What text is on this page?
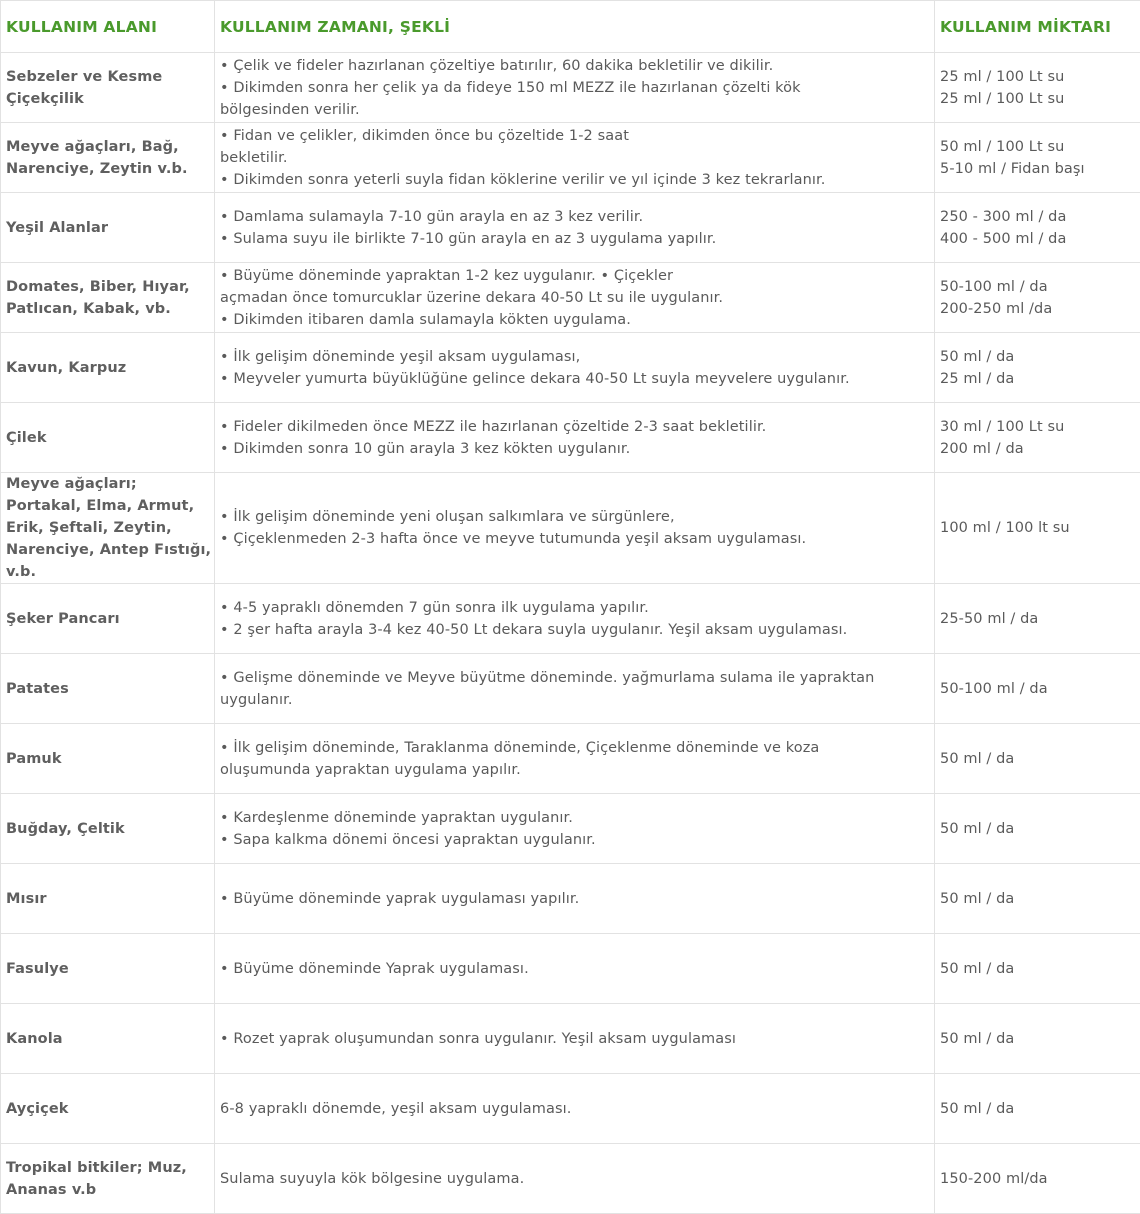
KULLANIM ALANI	KULLANIM ZAMANI, ŞEKLİ	KULLANIM MİKTARI

Sebzeler ve Kesme
Çiçekçilik	• Çelik ve fideler hazırlanan çözeltiye batırılır, 60 dakika bekletilir ve dikilir.
• Dikimden sonra her çelik ya da fideye 150 ml MEZZ ile hazırlanan çözelti kök
bölgesinden verilir.	25 ml / 100 Lt su
25 ml / 100 Lt su

Meyve ağaçları, Bağ,
Narenciye, Zeytin v.b.	• Fidan ve çelikler, dikimden önce bu çözeltide 1-2 saat
bekletilir.
• Dikimden sonra yeterli suyla fidan köklerine verilir ve yıl içinde 3 kez tekrarlanır.	50 ml / 100 Lt su
5-10 ml / Fidan başı

Yeşil Alanlar	• Damlama sulamayla 7-10 gün arayla en az 3 kez verilir.
• Sulama suyu ile birlikte 7-10 gün arayla en az 3 uygulama yapılır.	250 - 300 ml / da
400 - 500 ml / da

Domates, Biber, Hıyar,
Patlıcan, Kabak, vb.	• Büyüme döneminde yapraktan 1-2 kez uygulanır. • Çiçekler
açmadan önce tomurcuklar üzerine dekara 40-50 Lt su ile uygulanır.
• Dikimden itibaren damla sulamayla kökten uygulama.	50-100 ml / da
200-250 ml /da

Kavun, Karpuz	• İlk gelişim döneminde yeşil aksam uygulaması,
• Meyveler yumurta büyüklüğüne gelince dekara 40-50 Lt suyla meyvelere uygulanır.	50 ml / da
25 ml / da

Çilek	• Fideler dikilmeden önce MEZZ ile hazırlanan çözeltide 2-3 saat bekletilir.
• Dikimden sonra 10 gün arayla 3 kez kökten uygulanır.	30 ml / 100 Lt su
200 ml / da

Meyve ağaçları;
Portakal, Elma, Armut,
Erik, Şeftali, Zeytin,
Narenciye, Antep Fıstığı,
v.b.	• İlk gelişim döneminde yeni oluşan salkımlara ve sürgünlere,
• Çiçeklenmeden 2-3 hafta önce ve meyve tutumunda yeşil aksam uygulaması.	100 ml / 100 lt su

Şeker Pancarı	• 4-5 yapraklı dönemden 7 gün sonra ilk uygulama yapılır.
• 2 şer hafta arayla 3-4 kez 40-50 Lt dekara suyla uygulanır. Yeşil aksam uygulaması.	25-50 ml / da

Patates	• Gelişme döneminde ve Meyve büyütme döneminde. yağmurlama sulama ile yapraktan
uygulanır.	50-100 ml / da

Pamuk	• İlk gelişim döneminde, Taraklanma döneminde, Çiçeklenme döneminde ve koza
oluşumunda yapraktan uygulama yapılır.	50 ml / da

Buğday, Çeltik	• Kardeşlenme döneminde yapraktan uygulanır.
• Sapa kalkma dönemi öncesi yapraktan uygulanır.	50 ml / da

Mısır	• Büyüme döneminde yaprak uygulaması yapılır.	50 ml / da

Fasulye	• Büyüme döneminde Yaprak uygulaması.	50 ml / da

Kanola	• Rozet yaprak oluşumundan sonra uygulanır. Yeşil aksam uygulaması	50 ml / da

Ayçiçek	6-8 yapraklı dönemde, yeşil aksam uygulaması.	50 ml / da

Tropikal bitkiler; Muz,
Ananas v.b	Sulama suyuyla kök bölgesine uygulama.	150-200 ml/da
